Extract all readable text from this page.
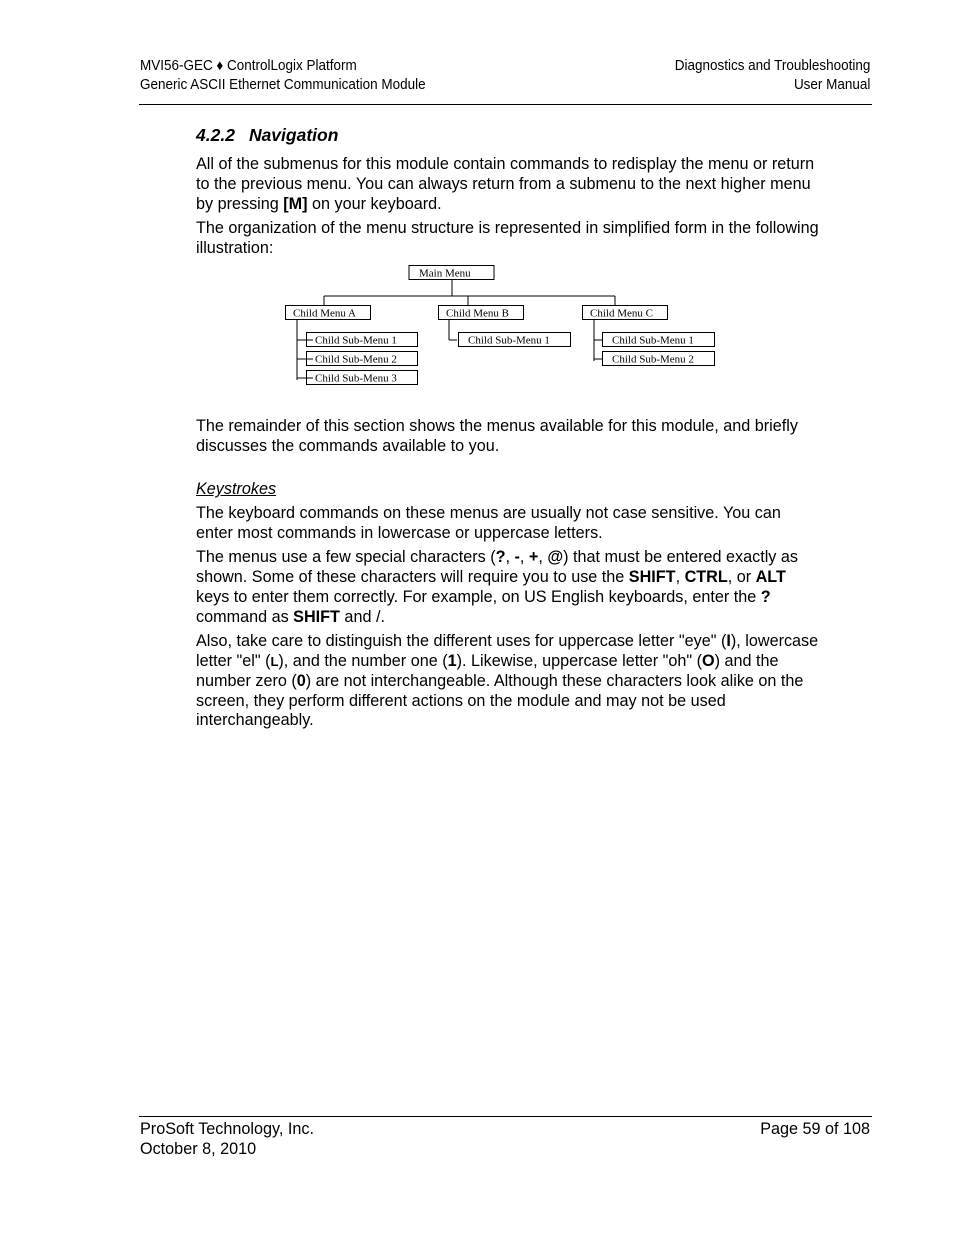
MVI56-GEC ♦ ControlLogix Platform
Generic ASCII Ethernet Communication Module
Diagnostics and Troubleshooting
User Manual
4.2.2 Navigation

All of the submenus for this module contain commands to redisplay the menu or return to the previous menu. You can always return from a submenu to the next higher menu by pressing [M] on your keyboard.

The organization of the menu structure is represented in simplified form in the following illustration:

Main Menu
Child Menu A	Child Menu B	Child Menu C
Child Sub-Menu 1
Child Sub-Menu 2
Child Sub-Menu 3
Child Sub-Menu 1	Child Sub-Menu 1
Child Sub-Menu 2

The remainder of this section shows the menus available for this module, and briefly discusses the commands available to you.

Keystrokes

The keyboard commands on these menus are usually not case sensitive. You can enter most commands in lowercase or uppercase letters.

The menus use a few special characters (?, -, +, @) that must be entered exactly as shown. Some of these characters will require you to use the SHIFT, CTRL, or ALT keys to enter them correctly. For example, on US English keyboards, enter the ? command as SHIFT and /.

Also, take care to distinguish the different uses for uppercase letter "eye" (I), lowercase letter "el" (L), and the number one (1). Likewise, uppercase letter "oh" (O) and the number zero (0) are not interchangeable. Although these characters look alike on the screen, they perform different actions on the module and may not be used interchangeably.

ProSoft Technology, Inc.
October 8, 2010
Page 59 of 108
